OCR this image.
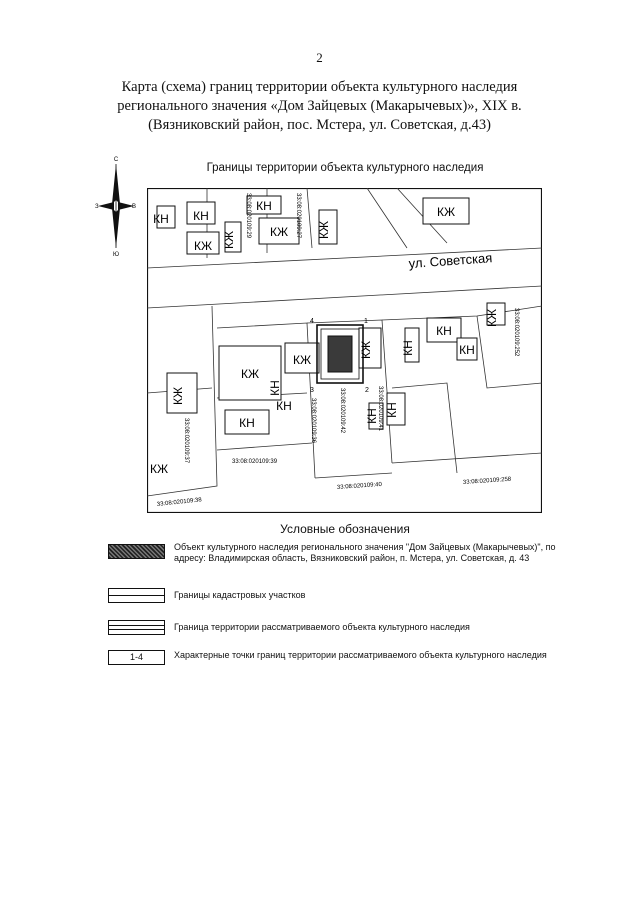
2
Карта (схема) границ территории объекта культурного наследия
регионального значения «Дом Зайцевых (Макарычевых)», XIX в.
(Вязниковский район, пос. Мстера, ул. Советская, д.43)
С
З	В
Ю
Границы территории объекта культурного наследия
ул. Советская
1
2
3
4
КН КН
КЖ КЖ
КН
КЖ КЖ
КЖ
КЖ
КЖ
КЖ
КН
КН
КН
КЖ КН
КН
КН
КЖ
КН
КН
КЖ
33:08:020109:42
33:08:020109:36
33:08:020109:37	33:08:020109:39
33:08:020109:38
33:08:020109:40
33:08:020109:258
33:08:020109:41
33:08:020109:252
33:08:020109:29	33:08:020109:27
Условные обозначения
Объект культурного наследия регионального значения "Дом Зайцевых (Макарычевых)", по адресу: Владимирская область, Вязниковский район, п. Мстера, ул. Советская, д. 43
Границы кадастровых участков
Граница территории рассматриваемого объекта культурного наследия
1-4	Характерные точки границ территории рассматриваемого объекта культурного наследия
